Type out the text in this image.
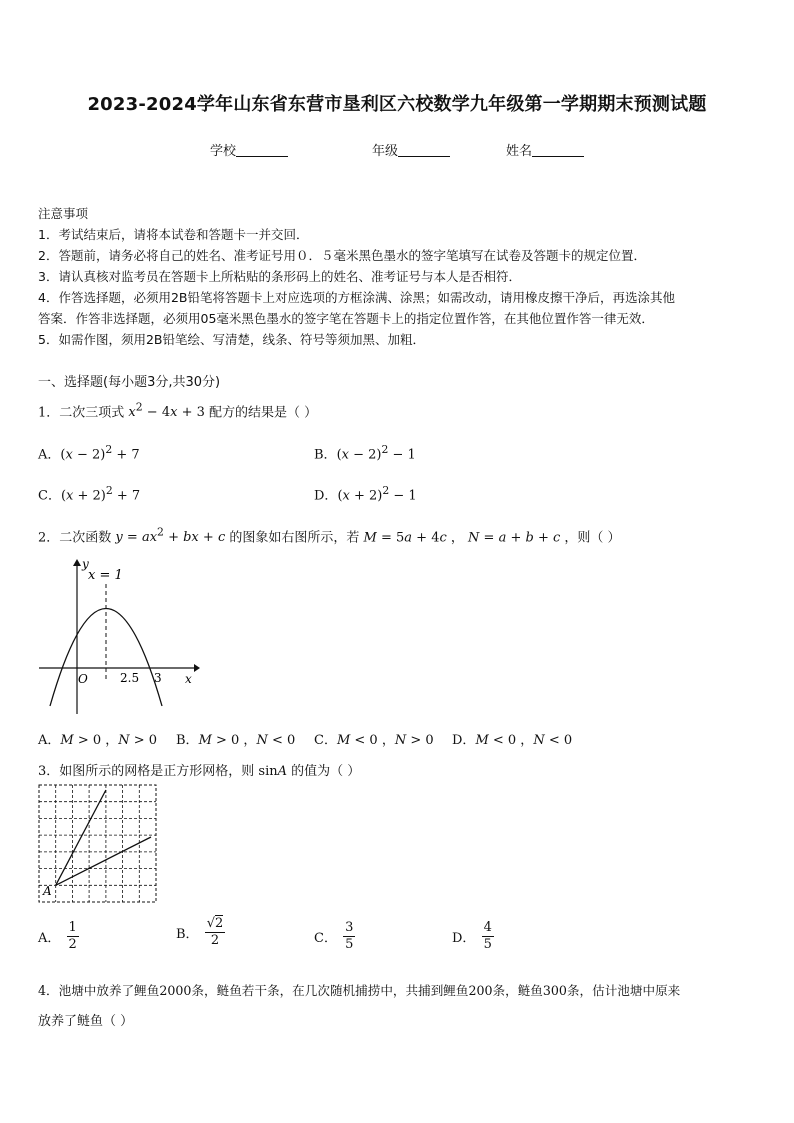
2023-2024学年山东省东营市垦利区六校数学九年级第一学期期末预测试题
学校	年级	姓名
注意事项
1．考试结束后，请将本试卷和答题卡一并交回．
2．答题前，请务必将自己的姓名、准考证号用０．５毫米黑色墨水的签字笔填写在试卷及答题卡的规定位置．
3．请认真核对监考员在答题卡上所粘贴的条形码上的姓名、准考证号与本人是否相符．
4．作答选择题，必须用2B铅笔将答题卡上对应选项的方框涂满、涂黑；如需改动，请用橡皮擦干净后，再选涂其他
答案．作答非选择题，必须用05毫米黑色墨水的签字笔在答题卡上的指定位置作答，在其他位置作答一律无效．
5．如需作图，须用2B铅笔绘、写清楚，线条、符号等须加黑、加粗．
一、选择题(每小题3分,共30分)
1．二次三项式 $x^2 - 4x + 3$ 配方的结果是（ ）
A．$(x - 2)^2 + 7$	B．$(x - 2)^2 - 1$
C．$(x + 2)^2 + 7$	D．$(x + 2)^2 - 1$
2．二次函数 $y = ax^2$ + bx + c 的图象如右图所示，若 M = 5a + 4c ， N = a + b + c ，则（ ）
y
x = 1
O	2.5 3 x
A．M > 0 ，N > 0 B．M > 0 ，N < 0 C．M < 0 ，N > 0 D．M < 0 ，N < 0
3．如图所示的网格是正方形网格，则 sinA 的值为（ ）
A
A． $\frac{1}{2}$	B． $\frac{√2}{2}$	C． $\frac{3}{5}$	D． $\frac{4}{5}$
4．池塘中放养了鲤鱼2000条，鲢鱼若干条，在几次随机捕捞中，共捕到鲤鱼200条，鲢鱼300条，估计池塘中原来
放养了鲢鱼（ ）
